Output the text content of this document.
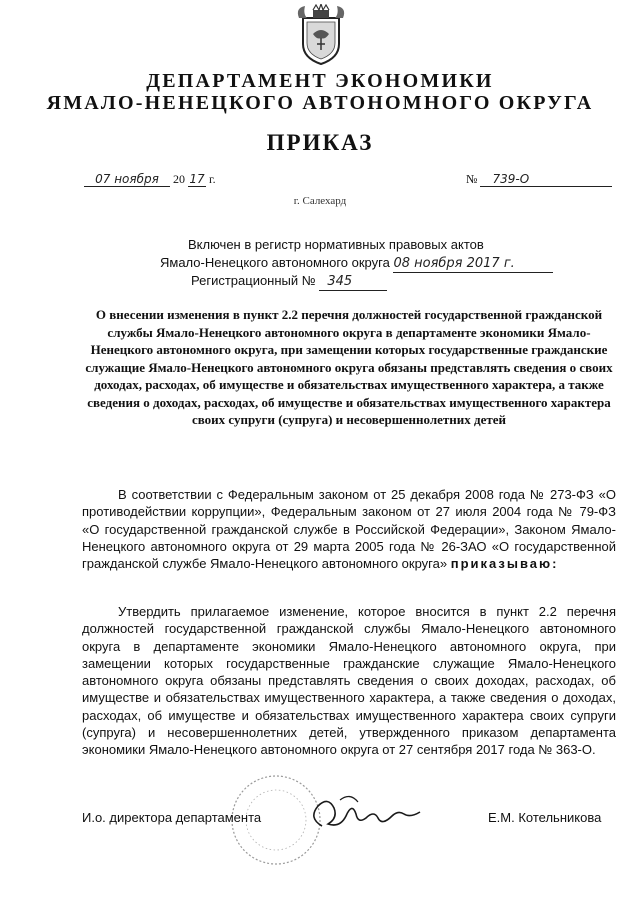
ДЕПАРТАМЕНТ ЭКОНОМИКИ
ЯМАЛО-НЕНЕЦКОГО АВТОНОМНОГО ОКРУГА
ПРИКАЗ
07 ноября 20 17 г.	№ 739-О
г. Салехард
Включен в регистр нормативных правовых актов
Ямало-Ненецкого автономного округа 08 ноября 2017 г.
Регистрационный № 345
О внесении изменения в пункт 2.2 перечня должностей государственной гражданской службы Ямало-Ненецкого автономного округа в департаменте экономики Ямало-Ненецкого автономного округа, при замещении которых государственные гражданские служащие Ямало-Ненецкого автономного округа обязаны представлять сведения о своих доходах, расходах, об имуществе и обязательствах имущественного характера, а также сведения о доходах, расходах, об имуществе и обязательствах имущественного характера своих супруги (супруга) и несовершеннолетних детей
В соответствии с Федеральным законом от 25 декабря 2008 года № 273-ФЗ «О противодействии коррупции», Федеральным законом от 27 июля 2004 года № 79-ФЗ «О государственной гражданской службе в Российской Федерации», Законом Ямало-Ненецкого автономного округа от 29 марта 2005 года № 26-ЗАО «О государственной гражданской службе Ямало-Ненецкого автономного округа» приказываю:
Утвердить прилагаемое изменение, которое вносится в пункт 2.2 перечня должностей государственной гражданской службы Ямало-Ненецкого автономного округа в департаменте экономики Ямало-Ненецкого автономного округа, при замещении которых государственные гражданские служащие Ямало-Ненецкого автономного округа обязаны представлять сведения о своих доходах, расходах, об имуществе и обязательствах имущественного характера, а также сведения о доходах, расходах, об имуществе и обязательствах имущественного характера своих супруги (супруга) и несовершеннолетних детей, утвержденного приказом департамента экономики Ямало-Ненецкого автономного округа от 27 сентября 2017 года № 363-О.
И.о. директора департамента	Е.М. Котельникова
